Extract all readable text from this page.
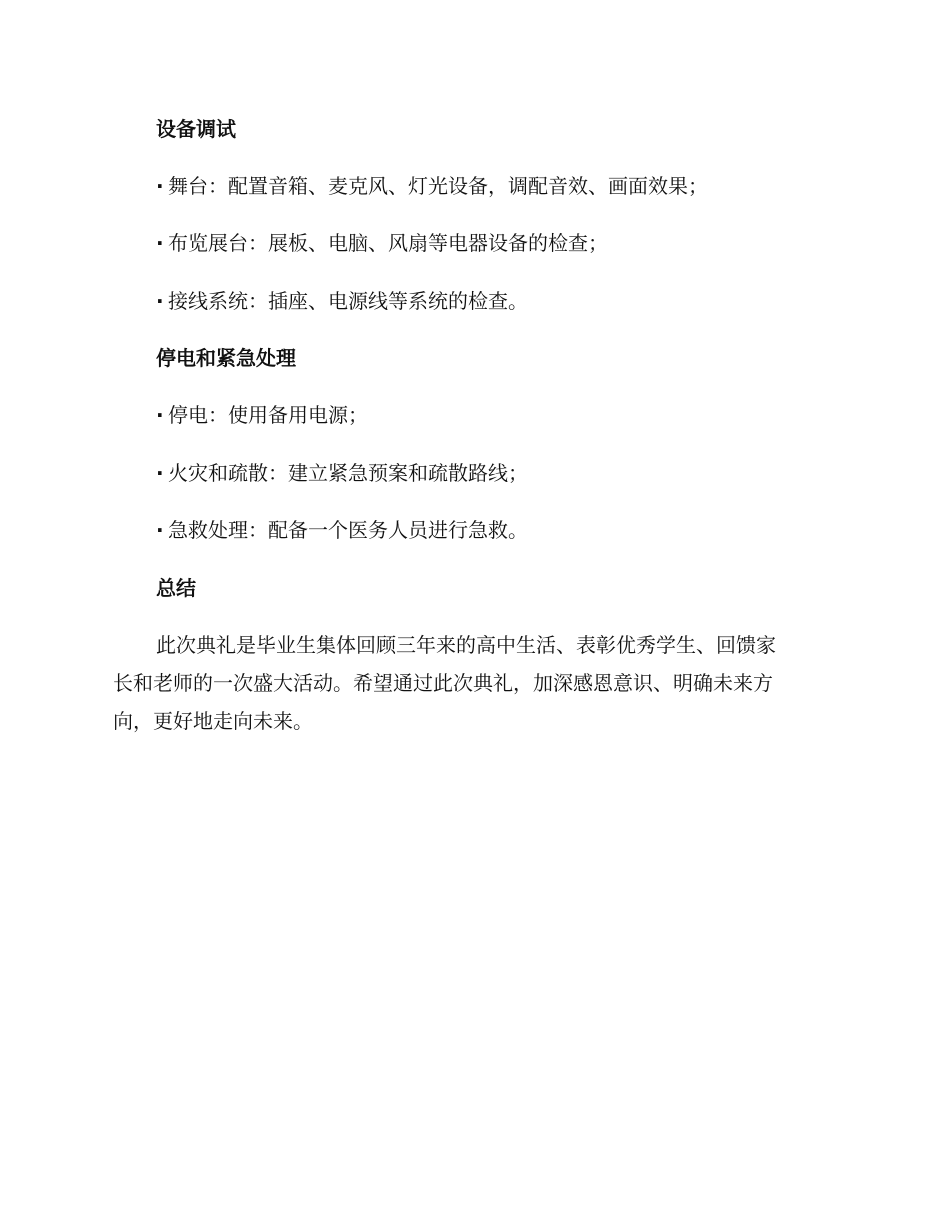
设备调试
· 舞台：配置音箱、麦克风、灯光设备，调配音效、画面效果；
· 布览展台：展板、电脑、风扇等电器设备的检查；
· 接线系统：插座、电源线等系统的检查。
停电和紧急处理
· 停电：使用备用电源；
· 火灾和疏散：建立紧急预案和疏散路线；
· 急救处理：配备一个医务人员进行急救。
总结
此次典礼是毕业生集体回顾三年来的高中生活、表彰优秀学生、回馈家
长和老师的一次盛大活动。希望通过此次典礼，加深感恩意识、明确未来方
向，更好地走向未来。
